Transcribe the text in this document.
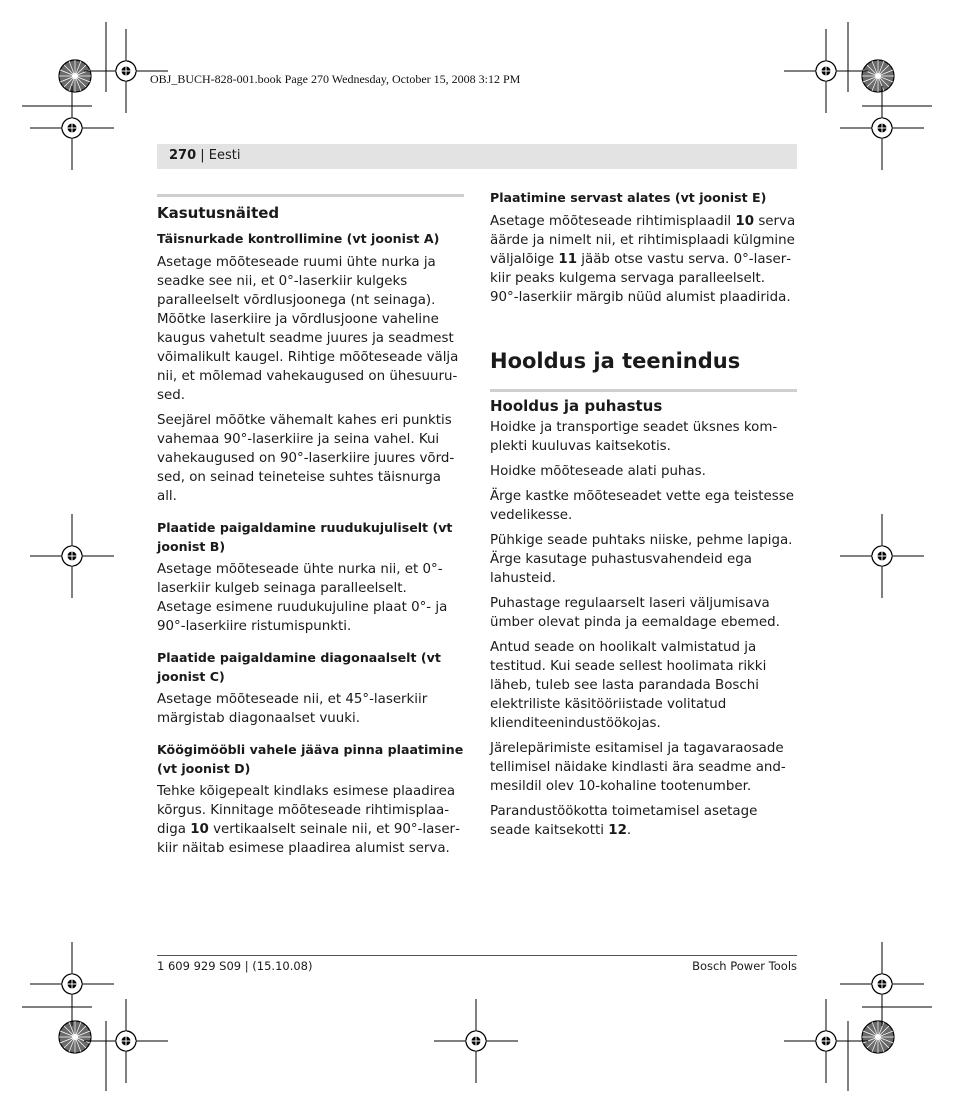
OBJ_BUCH-828-001.book Page 270 Wednesday, October 15, 2008 3:12 PM
270 | Eesti
Kasutusnäited
Täisnurkade kontrollimine (vt joonist A)

Asetage mõõteseade ruumi ühte nurka ja seadke see nii, et 0°-laserkiir kulgeks paralleelselt võrdlusjoonega (nt seinaga). Mõõtke laserkiire ja võrdlusjoone vaheline kaugus vahetult seadme juures ja seadmest võimalikult kaugel. Rihtige mõõteseade välja nii, et mõlemad vahekaugused on ühesuurused.

Seejärel mõõtke vähemalt kahes eri punktis vahemaa 90°-laserkiire ja seina vahel. Kui vahekaugused on 90°-laserkiire juures võrdsed, on seinad teineteise suhtes täisnurga all.

Plaatide paigaldamine ruudukujuliselt (vt joonist B)

Asetage mõõteseade ühte nurka nii, et 0°-laserkiir kulgeb seinaga paralleelselt. Asetage esimene ruudukujuline plaat 0°- ja 90°-laserkiire ristumispunkti.

Plaatide paigaldamine diagonaalselt (vt joonist C)

Asetage mõõteseade nii, et 45°-laserkiir märgistab diagonaalset vuuki.

Köögimööbli vahele jääva pinna plaatimine (vt joonist D)

Tehke kõigepealt kindlaks esimese plaadirea kõrgus. Kinnitage mõõteseade rihtimisplaadiga 10 vertikaalselt seinale nii, et 90°-laserkiir näitab esimese plaadirea alumist serva.

Plaatimine servast alates (vt joonist E)

Asetage mõõteseade rihtimisplaadil 10 serva äärde ja nimelt nii, et rihtimisplaadi külgmine väljalõige 11 jääb otse vastu serva. 0°-laserkiir peaks kulgema servaga paralleelselt. 90°-laserkiir märgib nüüd alumist plaadirida.

Hooldus ja teenindus
Hooldus ja puhastus

Hoidke ja transportige seadet üksnes komplekti kuuluvas kaitsekotis.

Hoidke mõõteseade alati puhas.

Ärge kastke mõõteseadet vette ega teistesse vedelikesse.

Pühkige seade puhtaks niiske, pehme lapiga. Ärge kasutage puhastusvahendeid ega lahusteid.

Puhastage regulaarselt laseri väljumisava ümber olevat pinda ja eemaldage ebemed.

Antud seade on hoolikalt valmistatud ja testitud. Kui seade sellest hoolimata rikki läheb, tuleb see lasta parandada Boschi elektriliste käsitööriistade volitatud klienditeenindustöökojas.

Järelepärimiste esitamisel ja tagavaraosade tellimisel näidake kindlasti ära seadme andmesildil olev 10-kohaline tootenumber.

Parandustöökotta toimetamisel asetage seade kaitsekotti 12.

1 609 929 S09 | (15.10.08)	Bosch Power Tools
